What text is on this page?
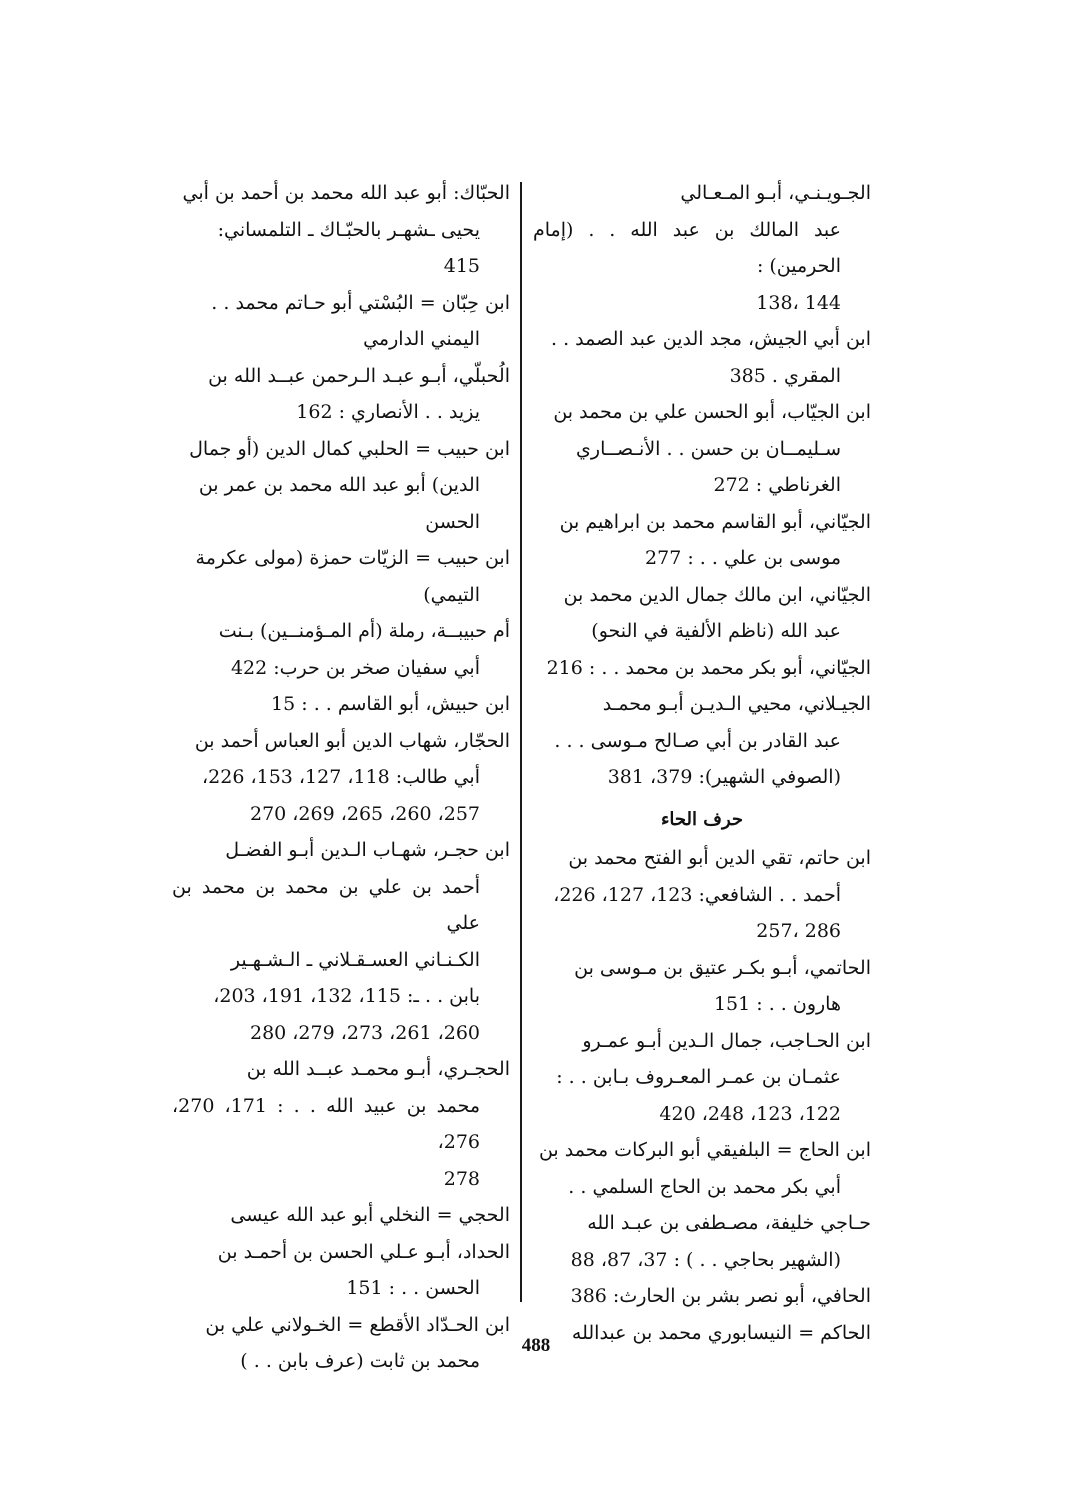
الجـويـنـي، أبـو المـعـالي
عبد المالك بن عبد الله . . (إمام الحرمين) :
144 ،138
ابن أبي الجيش، مجد الدين عبد الصمد . .
المقري . 385
ابن الجيّاب، أبو الحسن علي بن محمد بن
سـليمــان بن حسن . . الأنـصــاري
الغرناطي : 272
الجيّاني، أبو القاسم محمد بن ابراهيم بن
موسى بن علي . . : 277
الجيّاني، ابن مالك جمال الدين محمد بن
عبد الله (ناظم الألفية في النحو)
الجيّاني، أبو بكر محمد بن محمد . . : 216
الجيـلاني، محيي الـديـن أبـو محمـد
عبد القادر بن أبي صـالح مـوسى . . .
(الصوفي الشهير): 379، 381
حرف الحاء
ابن حاتم، تقي الدين أبو الفتح محمد بن
أحمد . . الشافعي: 123، 127، 226،
286 ،257
الحاتمي، أبـو بكـر عتيق بن مـوسى بن
هارون . . : 151
ابن الحـاجب، جمال الـدين أبـو عمـرو
عثمـان بن عمـر المعـروف بـابن . . :
122، 123، 248، 420
ابن الحاج = البلفيقي أبو البركات محمد بن
أبي بكر محمد بن الحاج السلمي . .
حـاجي خليفة، مصـطفى بن عبـد الله
(الشهير بحاجي . . ) : 37، 87، 88
الحافي، أبو نصر بشر بن الحارث: 386
الحاكم = النيسابوري محمد بن عبدالله
الحبّاك: أبو عبد الله محمد بن أحمد بن أبي
يحيى ـشهـر بالحبّـاك ـ التلمساني:
415
ابن حِبّان = البُسْتي أبو حـاتم محمد . .
اليمني الدارمي
الُحبلّي، أبـو عبـد الـرحمن عبــد الله بن
يزيد . . الأنصاري : 162
ابن حبيب = الحلبي كمال الدين (أو جمال
الدين) أبو عبد الله محمد بن عمر بن
الحسن
ابن حبيب = الزيّات حمزة (مولى عكرمة
التيمي)
أم حبيبــة، رملة (أم المـؤمنــين) بـنت
أبي سفيان صخر بن حرب: 422
ابن حبيش، أبو القاسم . . : 15
الحجّار، شهاب الدين أبو العباس أحمد بن
أبي طالب: 118، 127، 153، 226،
257، 260، 265، 269، 270
ابن حجـر، شهـاب الـدين أبـو الفضـل
أحمد بن علي بن محمد بن محمد بن علي
الكـنـاني العسـقـلاني ـ الـشـهـير
بابن . . ـ: 115، 132، 191، 203،
260، 261، 273، 279، 280
الحجـري، أبـو محمـد عبــد الله بن
محمد بن عبيد الله . . : 171، 270، 276،
278
الحجي = النخلي أبو عبد الله عيسى
الحداد، أبـو عـلي الحسن بن أحمـد بن
الحسن . . : 151
ابن الحـدّاد الأقطع = الخـولاني علي بن
محمد بن ثابت (عرف بابن . . )
488
